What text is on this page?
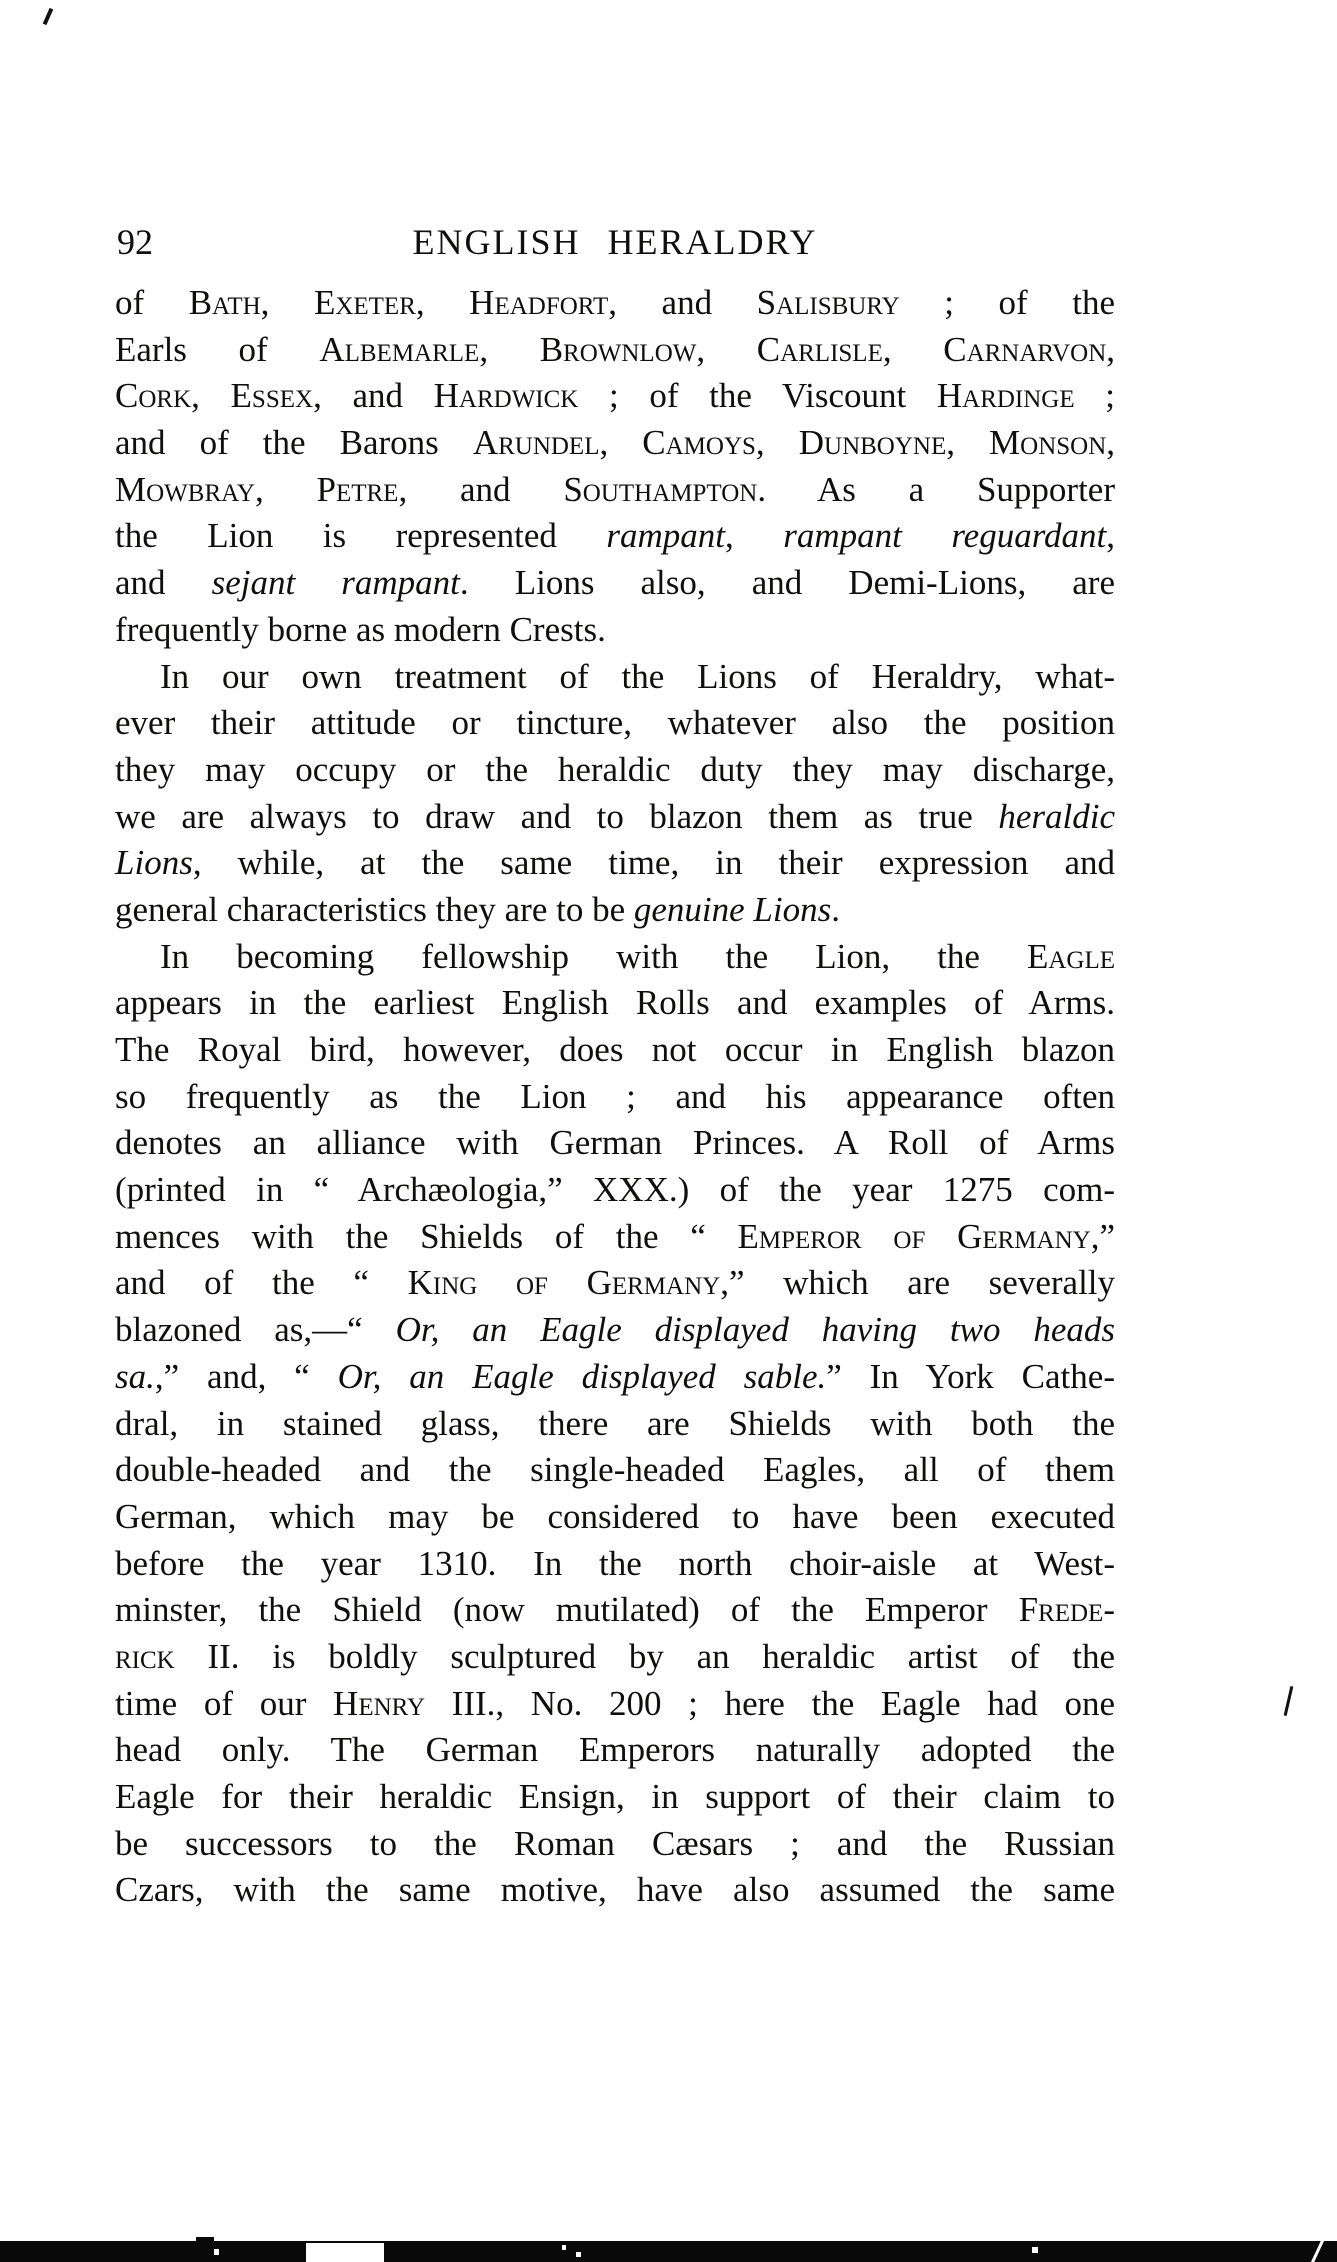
92	ENGLISH HERALDRY
of Bath, Exeter, Headfort, and Salisbury ; of the
Earls of Albemarle, Brownlow, Carlisle, Carnarvon,
Cork, Essex, and Hardwick ; of the Viscount Hardinge ;
and of the Barons Arundel, Camoys, Dunboyne, Monson,
Mowbray, Petre, and Southampton. As a Supporter
the Lion is represented rampant, rampant reguardant,
and sejant rampant. Lions also, and Demi-Lions, are
frequently borne as modern Crests.
In our own treatment of the Lions of Heraldry, what-
ever their attitude or tincture, whatever also the position
they may occupy or the heraldic duty they may discharge,
we are always to draw and to blazon them as true heraldic
Lions, while, at the same time, in their expression and
general characteristics they are to be genuine Lions.
In becoming fellowship with the Lion, the Eagle
appears in the earliest English Rolls and examples of Arms.
The Royal bird, however, does not occur in English blazon
so frequently as the Lion ; and his appearance often
denotes an alliance with German Princes. A Roll of Arms
(printed in “ Archæologia,” XXX.) of the year 1275 com-
mences with the Shields of the “ Emperor of Germany,”
and of the “ King of Germany,” which are severally
blazoned as,—“ Or, an Eagle displayed having two heads
sa.,” and, “ Or, an Eagle displayed sable.” In York Cathe-
dral, in stained glass, there are Shields with both the
double-headed and the single-headed Eagles, all of them
German, which may be considered to have been executed
before the year 1310. In the north choir-aisle at West-
minster, the Shield (now mutilated) of the Emperor Frede-
rick II. is boldly sculptured by an heraldic artist of the
time of our Henry III., No. 200 ; here the Eagle had one
head only. The German Emperors naturally adopted the
Eagle for their heraldic Ensign, in support of their claim to
be successors to the Roman Cæsars ; and the Russian
Czars, with the same motive, have also assumed the same
